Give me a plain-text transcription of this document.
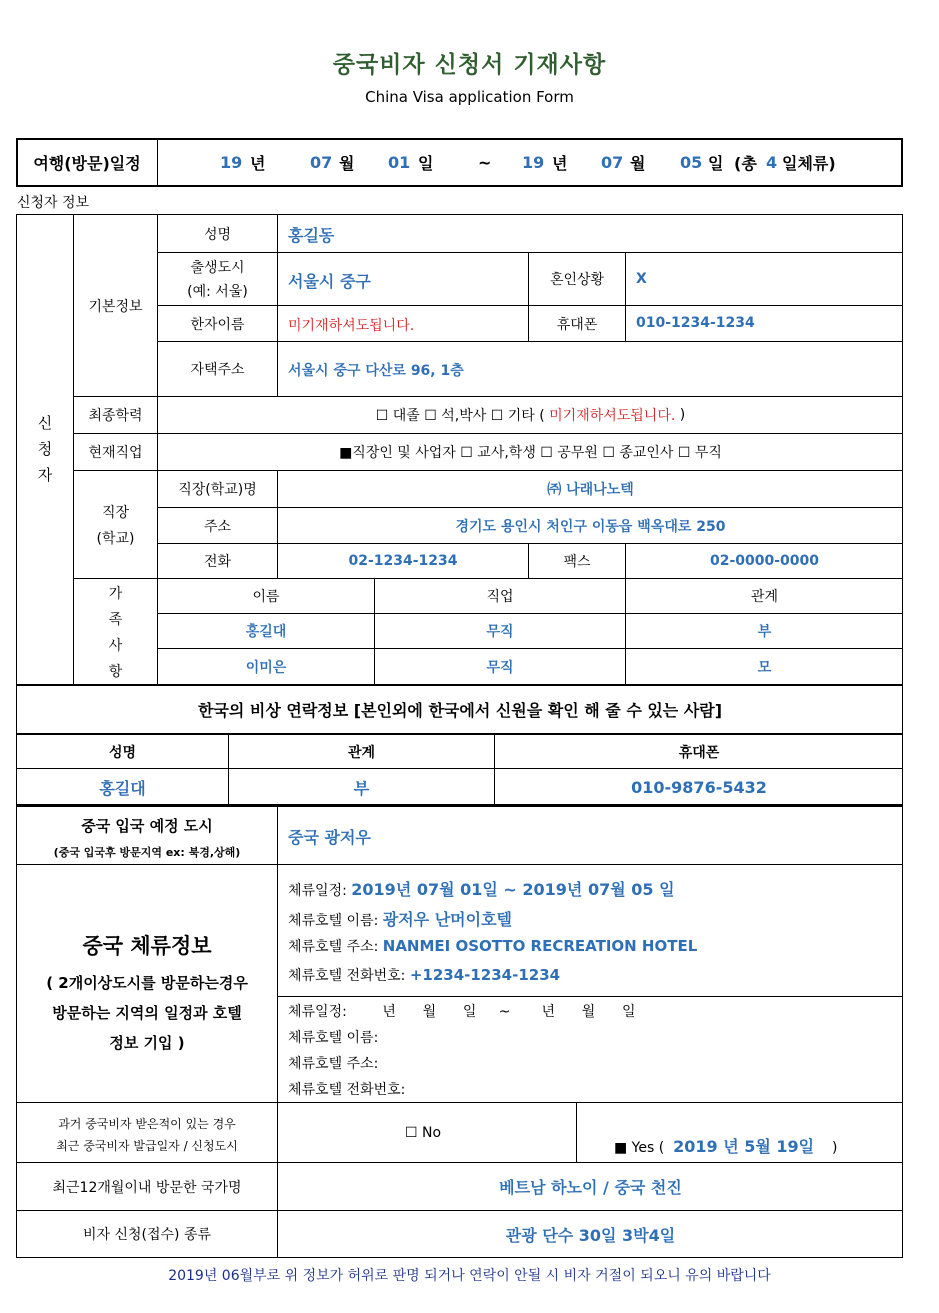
중국비자 신청서 기재사항
China Visa application Form
여행(방문)일정	19 년	07 월 01 일	~ 19 년 07 월 05 일 (총 4 일체류)
신청자 정보
신
청
자
기본정보
성명	홍길동
출생도시
(예: 서울)
서울시 중구	혼인상황	X
한자이름	미기재하셔도됩니다.	휴대폰	010-1234-1234
자택주소	서울시 중구 다산로 96, 1층
최종학력	☐ 대졸 ☐ 석,박사 ☐ 기타 (
미기재하셔도됩니다.
)
현재직업	■직장인 및 사업자 ☐ 교사,학생 ☐ 공무원 ☐ 종교인사 ☐ 무직
직장
(학교)
직장(학교)명	㈜ 나래나노텍
주소	경기도 용인시 처인구 이동읍 백옥대로 250
전화	02-1234-1234	팩스	02-0000-0000
가
족
사
항
이름	직업	관계
홍길대	무직	부
이미은	무직	모
한국의 비상 연락정보 [본인외에 한국에서 신원을 확인 해 줄 수 있는 사람]
성명	관계	휴대폰
홍길대	부	010-9876-5432
중국 입국 예정 도시
(중국 입국후 방문지역 ex: 북경,상해)
중국 광저우
중국 체류정보
( 2개이상도시를 방문하는경우
방문하는 지역의 일정과 호텔
정보 기입 )
체류일정: 2019년 07월 01일 ~ 2019년 07월 05 일
체류호텔 이름: 광저우 난머이호텔
체류호텔 주소: NANMEI OSOTTO RECREATION HOTEL
체류호텔 전화번호: +1234-1234-1234
체류일정:        년      월      일     ~       년      월      일
체류호텔 이름:
체류호텔 주소:
체류호텔 전화번호:
과거 중국비자 받은적이 있는 경우
최근 중국비자 발급일자 / 신청도시
☐ No
■ Yes ( 2019 년 5월 19일 )
최근12개월이내 방문한 국가명	베트남 하노이 / 중국 천진
비자 신청(접수) 종류	관광 단수 30일 3박4일
2019년 06월부로 위 정보가 허위로 판명 되거나 연락이 안될 시 비자 거절이 되오니 유의 바랍니다
